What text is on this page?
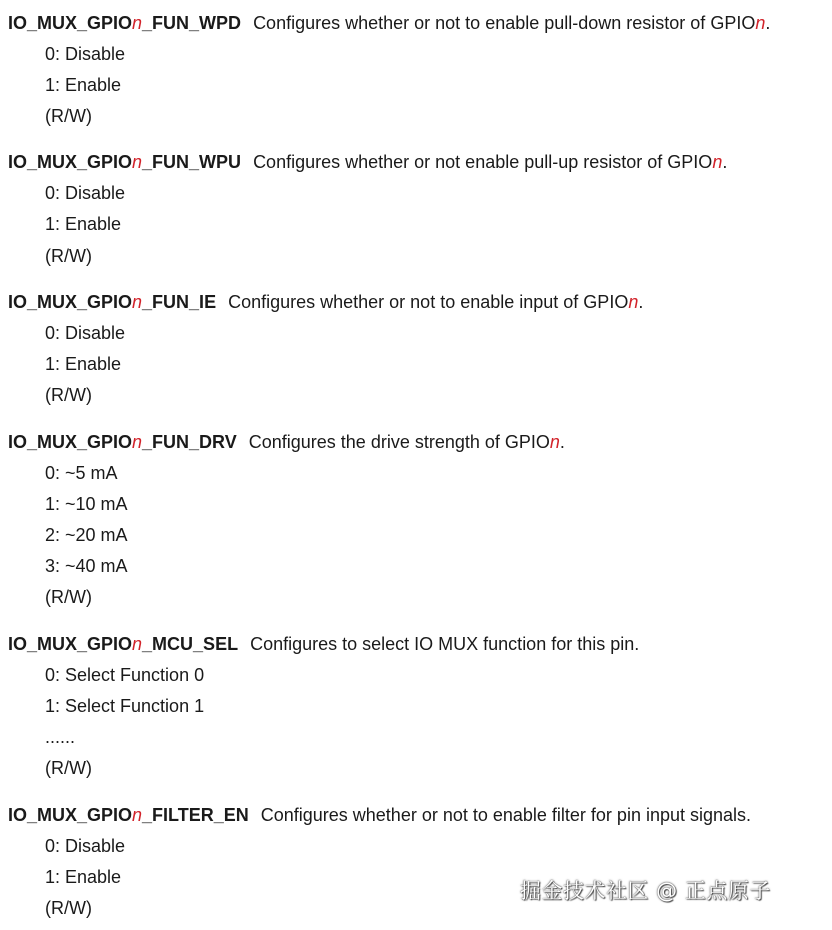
IO_MUX_GPIOn_FUN_WPD Configures whether or not to enable pull-down resistor of GPIOn.
0: Disable
1: Enable
(R/W)
IO_MUX_GPIOn_FUN_WPU Configures whether or not enable pull-up resistor of GPIOn.
0: Disable
1: Enable
(R/W)
IO_MUX_GPIOn_FUN_IE Configures whether or not to enable input of GPIOn.
0: Disable
1: Enable
(R/W)
IO_MUX_GPIOn_FUN_DRV Configures the drive strength of GPIOn.
0: ~5 mA
1: ~10 mA
2: ~20 mA
3: ~40 mA
(R/W)
IO_MUX_GPIOn_MCU_SEL Configures to select IO MUX function for this pin.
0: Select Function 0
1: Select Function 1
......
(R/W)
IO_MUX_GPIOn_FILTER_EN Configures whether or not to enable filter for pin input signals.
0: Disable
1: Enable
(R/W)
掘金技术社区 @ 正点原子
